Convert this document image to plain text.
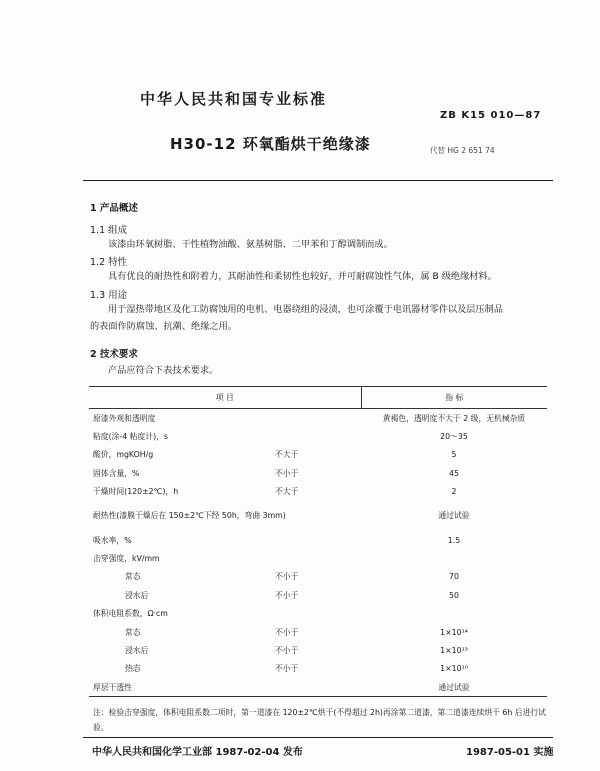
中华人民共和国专业标准
ZB K15 010—87
H30-12 环氧酯烘干绝缘漆	代替 HG 2 651 74
1 产品概述
1.1 组成
该漆由环氧树脂、干性植物油酸、氨基树脂、二甲苯和丁醇调制而成。
1.2 特性
具有优良的耐热性和附着力，其耐油性和柔韧性也较好，并可耐腐蚀性气体，属 B 级绝缘材料。
1.3 用途
用于湿热带地区及化工防腐蚀用的电机、电器绕组的浸渍，也可涂覆于电讯器材零件以及层压制品
的表面作防腐蚀、抗潮、绝缘之用。
2 技术要求
产品应符合下表技术要求。
项 目		指 标
原漆外观和透明度		黄褐色，透明度不大于 2 级，无机械杂质
粘度(涂-4 粘度计)，s		20～35
酸价，mgKOH/g	不大于	5
固体含量，%	不小于	45
干燥时间(120±2℃)，h	不大于	2
耐热性(漆膜干燥后在 150±2℃下经 50h，弯曲 3mm)		通过试验
吸水率，%		1.5
击穿强度，kV/mm		
常态	不小于	70
浸水后	不小于	50
体积电阻系数，Ω·cm		
常态	不小于	1×10¹⁴
浸水后	不小于	1×10¹³
热态	不小于	1×10¹⁰
厚层干透性		通过试验
注：检验击穿强度，体积电阻系数二项时，第一道漆在 120±2℃烘干(不得超过 2h)再涂第二道漆，第二道漆连续烘干 6h 后进行试验。
中华人民共和国化学工业部 1987-02-04 发布	1987-05-01 实施
